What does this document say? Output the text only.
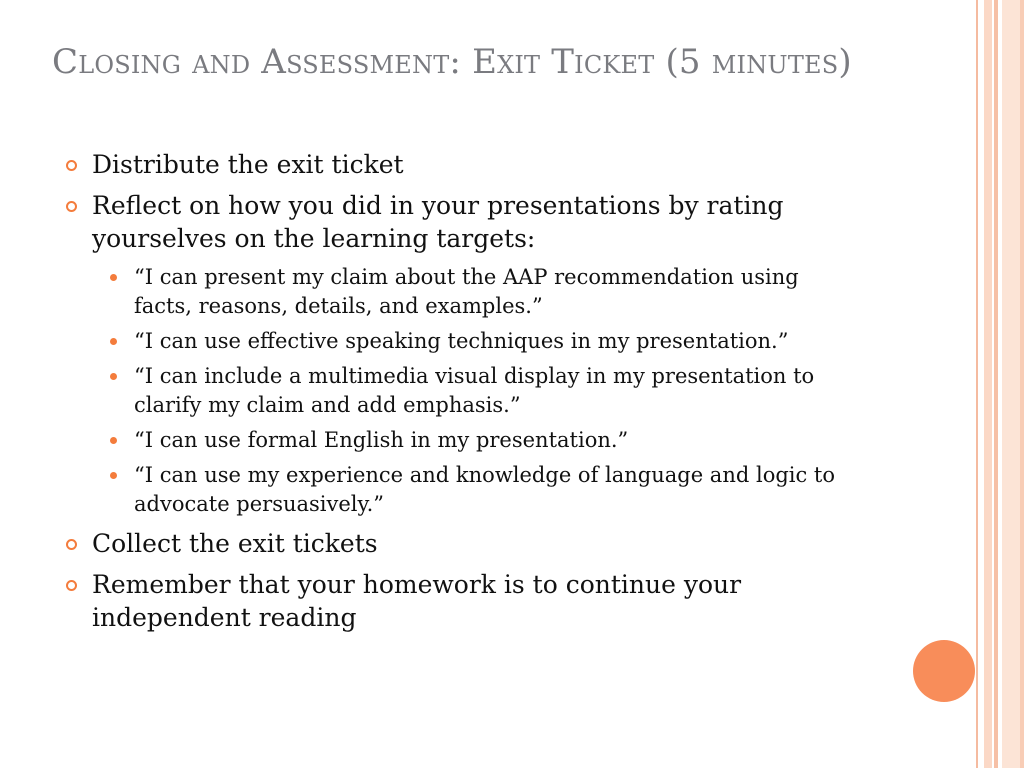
Closing and Assessment: Exit Ticket (5 minutes)
Distribute the exit ticket
Reflect on how you did in your presentations by rating yourselves on the learning targets:
“I can present my claim about the AAP recommendation using facts, reasons, details, and examples.”
“I can use effective speaking techniques in my presentation.”
“I can include a multimedia visual display in my presentation to clarify my claim and add emphasis.”
“I can use formal English in my presentation.”
“I can use my experience and knowledge of language and logic to advocate persuasively.”
Collect the exit tickets
Remember that your homework is to continue your independent reading
